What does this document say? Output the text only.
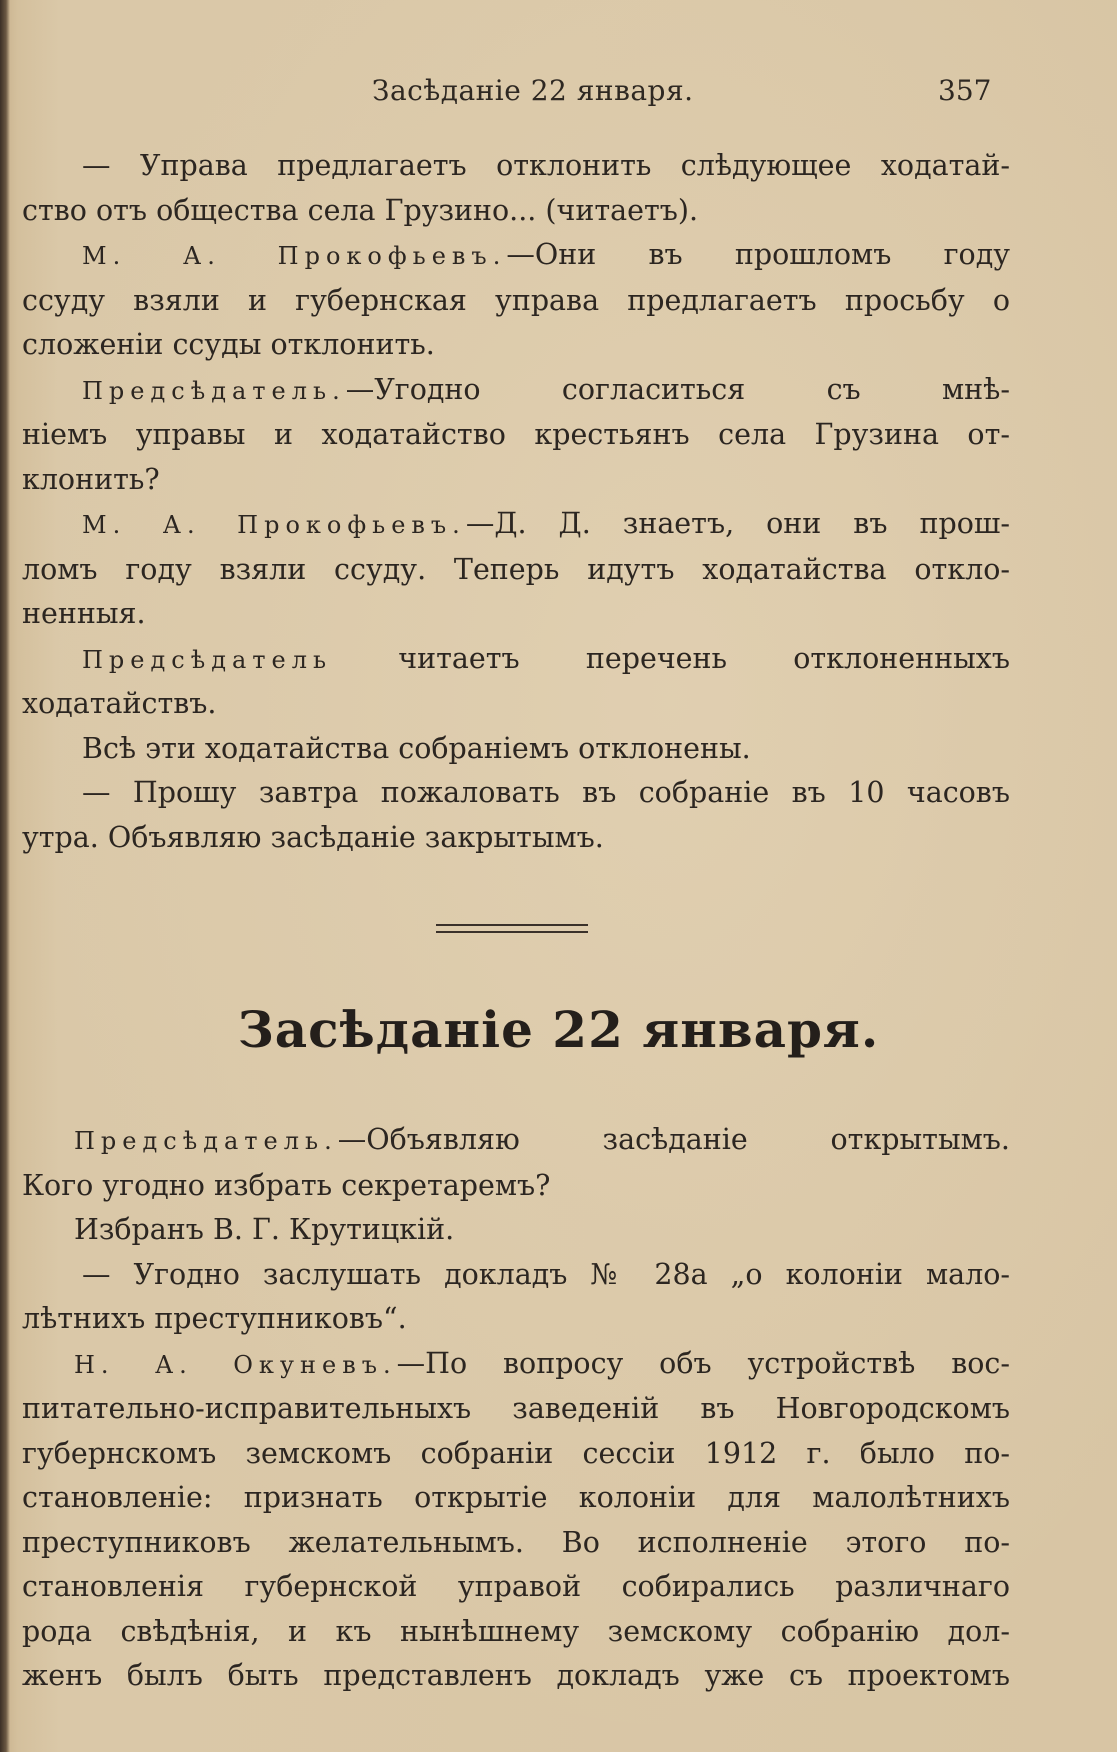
Засѣданіе 22 января.	357
— Управа предлагаетъ отклонить слѣдующее ходатай-
ство отъ общества села Грузино... (читаетъ).
М. А. Прокофьевъ.—Они въ прошломъ году
ссуду взяли и губернская управа предлагаетъ просьбу о
сложеніи ссуды отклонить.
Предсѣдатель.—Угодно согласиться съ мнѣ-
ніемъ управы и ходатайство крестьянъ села Грузина от-
клонить?
М. А. Прокофьевъ.—Д. Д. знаетъ, они въ прош-
ломъ году взяли ссуду. Теперь идутъ ходатайства откло-
ненныя.
Предсѣдатель читаетъ перечень отклоненныхъ
ходатайствъ.
Всѣ эти ходатайства собраніемъ отклонены.
— Прошу завтра пожаловать въ собраніе въ 10 часовъ
утра. Объявляю засѣданіе закрытымъ.
Засѣданіе 22 января.
Предсѣдатель.—Объявляю засѣданіе открытымъ.
Кого угодно избрать секретаремъ?
Избранъ В. Г. Крутицкій.
— Угодно заслушать докладъ № 28а „о колоніи мало-
лѣтнихъ преступниковъ“.
Н. А. Окуневъ.—По вопросу объ устройствѣ вос-
питательно-исправительныхъ заведеній въ Новгородскомъ
губернскомъ земскомъ собраніи сессіи 1912 г. было по-
становленіе: признать открытіе колоніи для малолѣтнихъ
преступниковъ желательнымъ. Во исполненіе этого по-
становленія губернской управой собирались различнаго
рода свѣдѣнія, и къ нынѣшнему земскому собранію дол-
женъ былъ быть представленъ докладъ уже съ проектомъ
